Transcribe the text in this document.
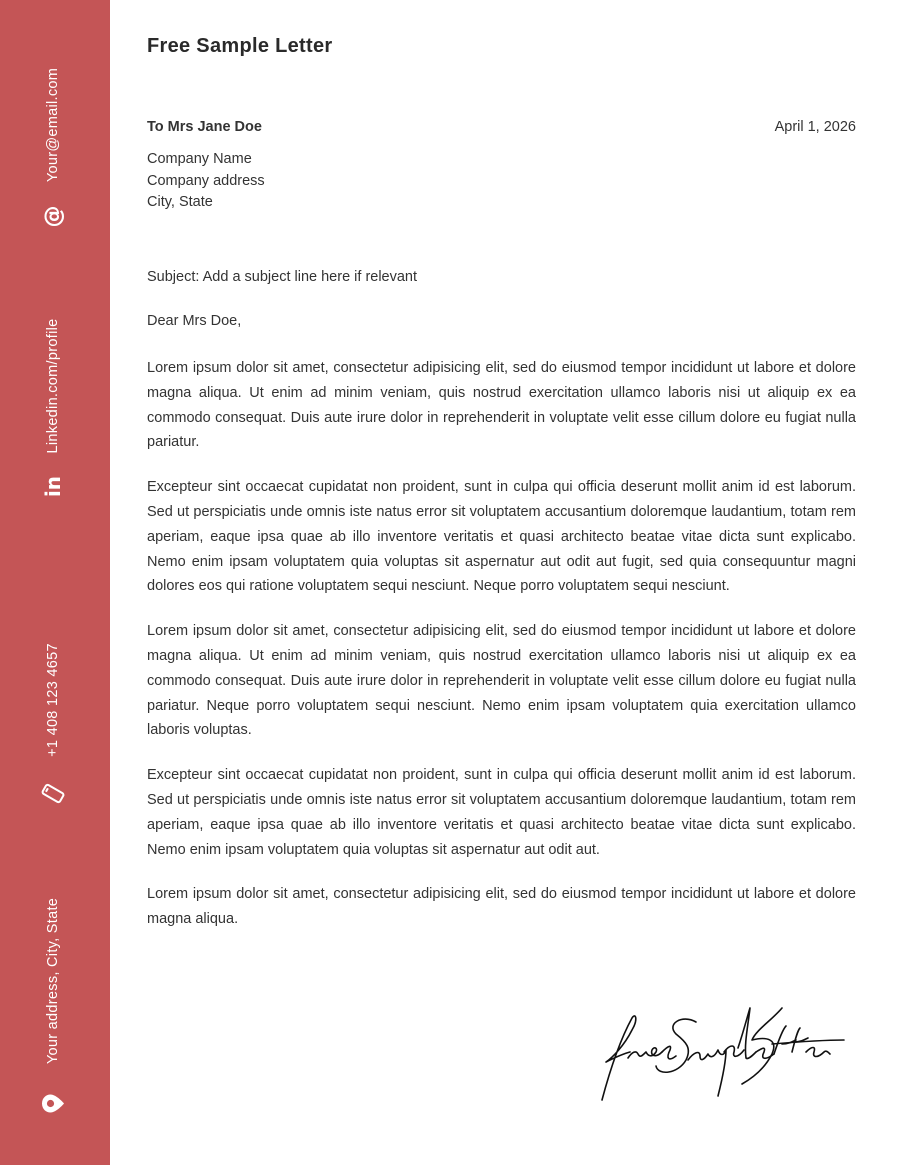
Your@email.com
@
Linkedin.com/profile
in
+1 408 123 4657
Your address, City, State
Free Sample Letter
To Mrs Jane Doe	April 1, 2026
Company Name
Company address
City, State
Subject: Add a subject line here if relevant
Dear Mrs Doe,

Lorem ipsum dolor sit amet, consectetur adipisicing elit, sed do eiusmod tempor incididunt ut labore et dolore magna aliqua. Ut enim ad minim veniam, quis nostrud exercitation ullamco laboris nisi ut aliquip ex ea commodo consequat. Duis aute irure dolor in reprehenderit in voluptate velit esse cillum dolore eu fugiat nulla pariatur.

Excepteur sint occaecat cupidatat non proident, sunt in culpa qui officia deserunt mollit anim id est laborum. Sed ut perspiciatis unde omnis iste natus error sit voluptatem accusantium doloremque laudantium, totam rem aperiam, eaque ipsa quae ab illo inventore veritatis et quasi architecto beatae vitae dicta sunt explicabo. Nemo enim ipsam voluptatem quia voluptas sit aspernatur aut odit aut fugit, sed quia consequuntur magni dolores eos qui ratione voluptatem sequi nesciunt. Neque porro voluptatem sequi nesciunt.

Lorem ipsum dolor sit amet, consectetur adipisicing elit, sed do eiusmod tempor incididunt ut labore et dolore magna aliqua. Ut enim ad minim veniam, quis nostrud exercitation ullamco laboris nisi ut aliquip ex ea commodo consequat. Duis aute irure dolor in reprehenderit in voluptate velit esse cillum dolore eu fugiat nulla pariatur. Neque porro voluptatem sequi nesciunt. Nemo enim ipsam voluptatem quia exercitation ullamco laboris voluptas.

Excepteur sint occaecat cupidatat non proident, sunt in culpa qui officia deserunt mollit anim id est laborum. Sed ut perspiciatis unde omnis iste natus error sit voluptatem accusantium doloremque laudantium, totam rem aperiam, eaque ipsa quae ab illo inventore veritatis et quasi architecto beatae vitae dicta sunt explicabo. Nemo enim ipsam voluptatem quia voluptas sit aspernatur aut odit aut.

Lorem ipsum dolor sit amet, consectetur adipisicing elit, sed do eiusmod tempor incididunt ut labore et dolore magna aliqua.
